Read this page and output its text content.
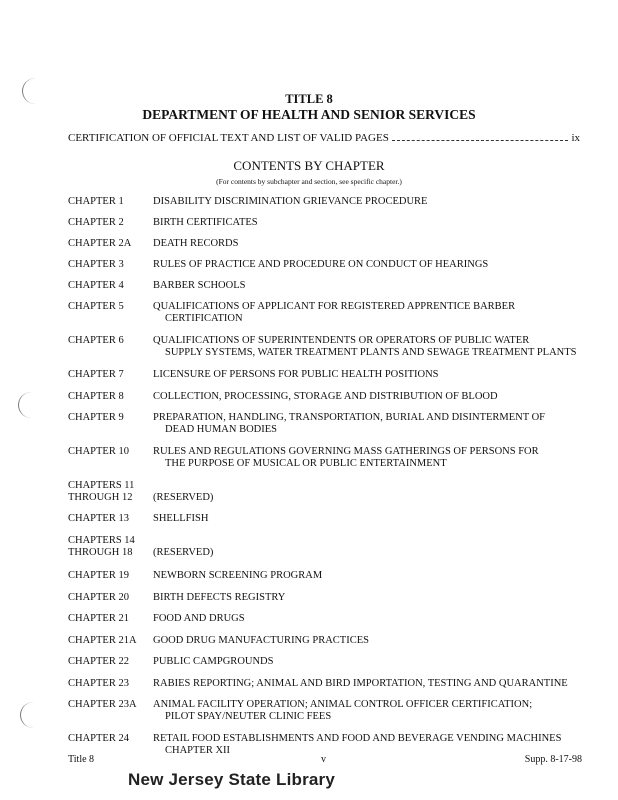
TITLE 8
DEPARTMENT OF HEALTH AND SENIOR SERVICES
CERTIFICATION OF OFFICIAL TEXT AND LIST OF VALID PAGES	ix
CONTENTS BY CHAPTER
(For contents by subchapter and section, see specific chapter.)
CHAPTER 1	DISABILITY DISCRIMINATION GRIEVANCE PROCEDURE
CHAPTER 2	BIRTH CERTIFICATES
CHAPTER 2A	DEATH RECORDS
CHAPTER 3	RULES OF PRACTICE AND PROCEDURE ON CONDUCT OF HEARINGS
CHAPTER 4	BARBER SCHOOLS
CHAPTER 5	QUALIFICATIONS OF APPLICANT FOR REGISTERED APPRENTICE BARBER
CERTIFICATION
CHAPTER 6	QUALIFICATIONS OF SUPERINTENDENTS OR OPERATORS OF PUBLIC WATER
SUPPLY SYSTEMS, WATER TREATMENT PLANTS AND SEWAGE TREATMENT PLANTS
CHAPTER 7	LICENSURE OF PERSONS FOR PUBLIC HEALTH POSITIONS
CHAPTER 8	COLLECTION, PROCESSING, STORAGE AND DISTRIBUTION OF BLOOD
CHAPTER 9	PREPARATION, HANDLING, TRANSPORTATION, BURIAL AND DISINTERMENT OF
DEAD HUMAN BODIES
CHAPTER 10	RULES AND REGULATIONS GOVERNING MASS GATHERINGS OF PERSONS FOR
THE PURPOSE OF MUSICAL OR PUBLIC ENTERTAINMENT
CHAPTERS 11
THROUGH 12	(RESERVED)
CHAPTER 13	SHELLFISH
CHAPTERS 14
THROUGH 18	(RESERVED)
CHAPTER 19	NEWBORN SCREENING PROGRAM
CHAPTER 20	BIRTH DEFECTS REGISTRY
CHAPTER 21	FOOD AND DRUGS
CHAPTER 21A	GOOD DRUG MANUFACTURING PRACTICES
CHAPTER 22	PUBLIC CAMPGROUNDS
CHAPTER 23	RABIES REPORTING; ANIMAL AND BIRD IMPORTATION, TESTING AND QUARANTINE
CHAPTER 23A	ANIMAL FACILITY OPERATION; ANIMAL CONTROL OFFICER CERTIFICATION;
PILOT SPAY/NEUTER CLINIC FEES
CHAPTER 24	RETAIL FOOD ESTABLISHMENTS AND FOOD AND BEVERAGE VENDING MACHINES
CHAPTER XII
Title 8	v	Supp. 8-17-98
New Jersey State Library
